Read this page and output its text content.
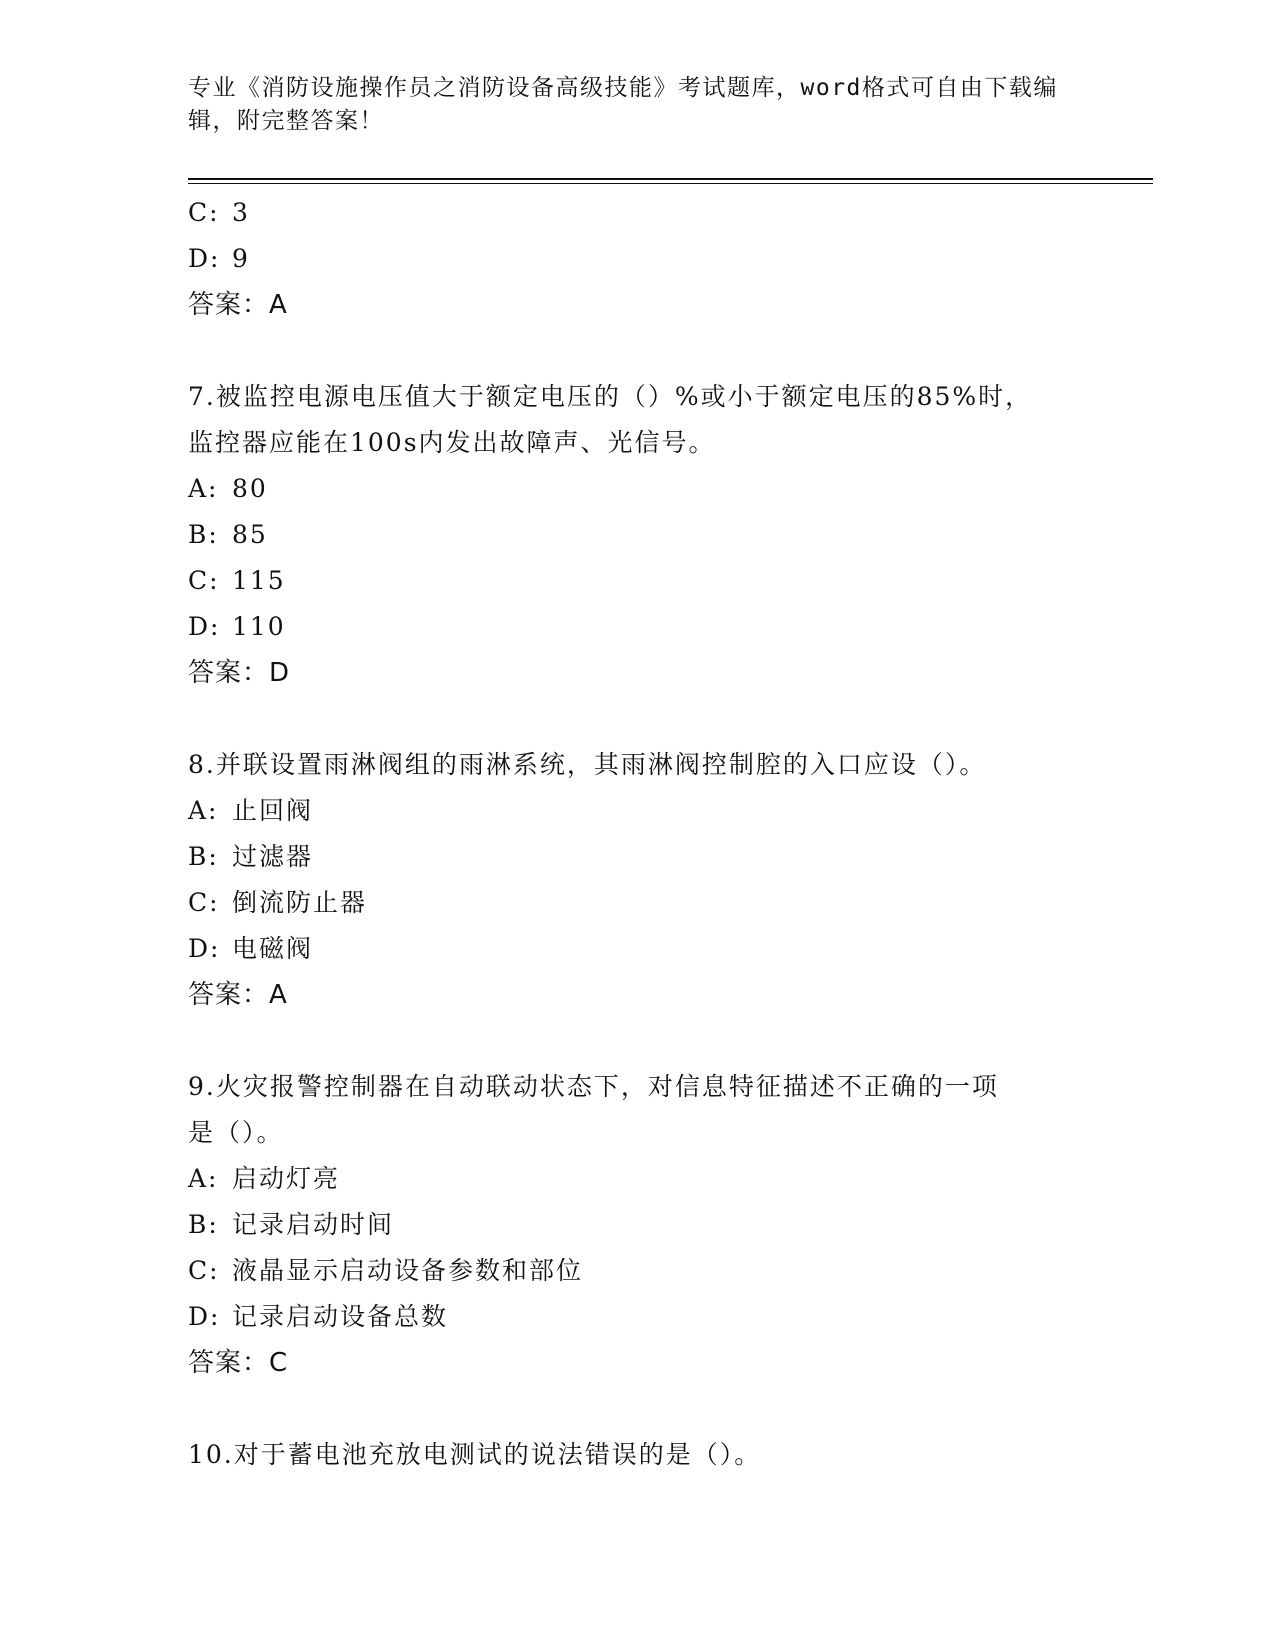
专业《消防设施操作员之消防设备高级技能》考试题库，word格式可自由下载编
辑，附完整答案！
C: 3
D: 9
答案：A
7.被监控电源电压值大于额定电压的（）%或小于额定电压的85%时，
监控器应能在100s内发出故障声、光信号。
A: 80
B: 85
C: 115
D: 110
答案：D
8.并联设置雨淋阀组的雨淋系统，其雨淋阀控制腔的入口应设（）。
A: 止回阀
B: 过滤器
C: 倒流防止器
D: 电磁阀
答案：A
9.火灾报警控制器在自动联动状态下，对信息特征描述不正确的一项
是（）。
A: 启动灯亮
B: 记录启动时间
C: 液晶显示启动设备参数和部位
D: 记录启动设备总数
答案：C
10.对于蓄电池充放电测试的说法错误的是（）。
